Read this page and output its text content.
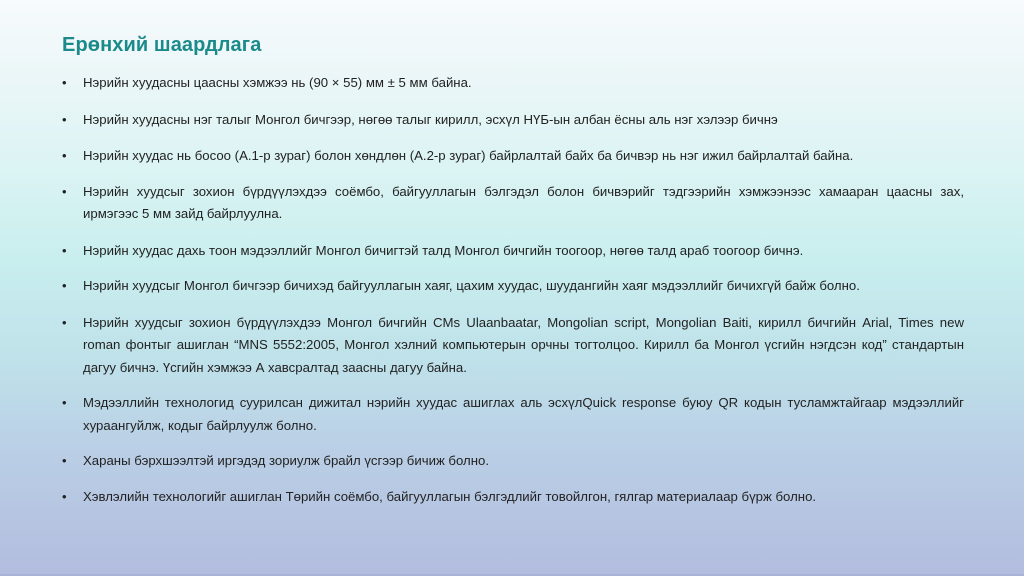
Ерөнхий шаардлага
•	Нэрийн хуудасны цаасны хэмжээ нь (90 × 55) мм ± 5 мм байна.
•	Нэрийн хуудасны нэг талыг Монгол бичгээр, нөгөө талыг кирилл, эсхүл НҮБ-ын албан ёсны аль нэг хэлээр бичнэ
•	Нэрийн хуудас нь босоо (А.1-р зураг) болон хөндлөн (А.2-р зураг) байрлалтай байх ба бичвэр нь нэг ижил байрлалтай байна.
•	Нэрийн хуудсыг зохион бүрдүүлэхдээ соёмбо, байгууллагын бэлгэдэл болон бичвэрийг тэдгээрийн хэмжээнээс хамааран цаасны зах, ирмэгээс 5 мм зайд байрлуулна.
•	Нэрийн хуудас дахь тоон мэдээллийг Монгол бичигтэй талд Монгол бичгийн тоогоор, нөгөө талд араб тоогоор бичнэ.
•	Нэрийн хуудсыг Монгол бичгээр бичихэд байгууллагын хаяг, цахим хуудас, шуудангийн хаяг мэдээллийг бичихгүй байж болно.
•	Нэрийн хуудсыг зохион бүрдүүлэхдээ Монгол бичгийн CMs Ulaanbaatar, Mongolian script, Mongolian Baiti, кирилл бичгийн Arial, Times new roman фонтыг ашиглан “MNS 5552:2005, Монгол хэлний компьютерын орчны тогтолцоо. Кирилл ба Монгол үсгийн нэгдсэн код” стандартын дагуу бичнэ. Үсгийн хэмжээ А хавсралтад заасны дагуу байна.
•	Мэдээллийн технологид суурилсан дижитал нэрийн хуудас ашиглах аль эсхүлQuick response буюу QR кодын тусламжтайгаар мэдээллийг хураангуйлж, кодыг байрлуулж болно.
•	Хараны бэрхшээлтэй иргэдэд зориулж брайл үсгээр бичиж болно.
•	Хэвлэлийн технологийг ашиглан Төрийн соёмбо, байгууллагын бэлгэдлийг товойлгон, гялгар материалаар бүрж болно.
